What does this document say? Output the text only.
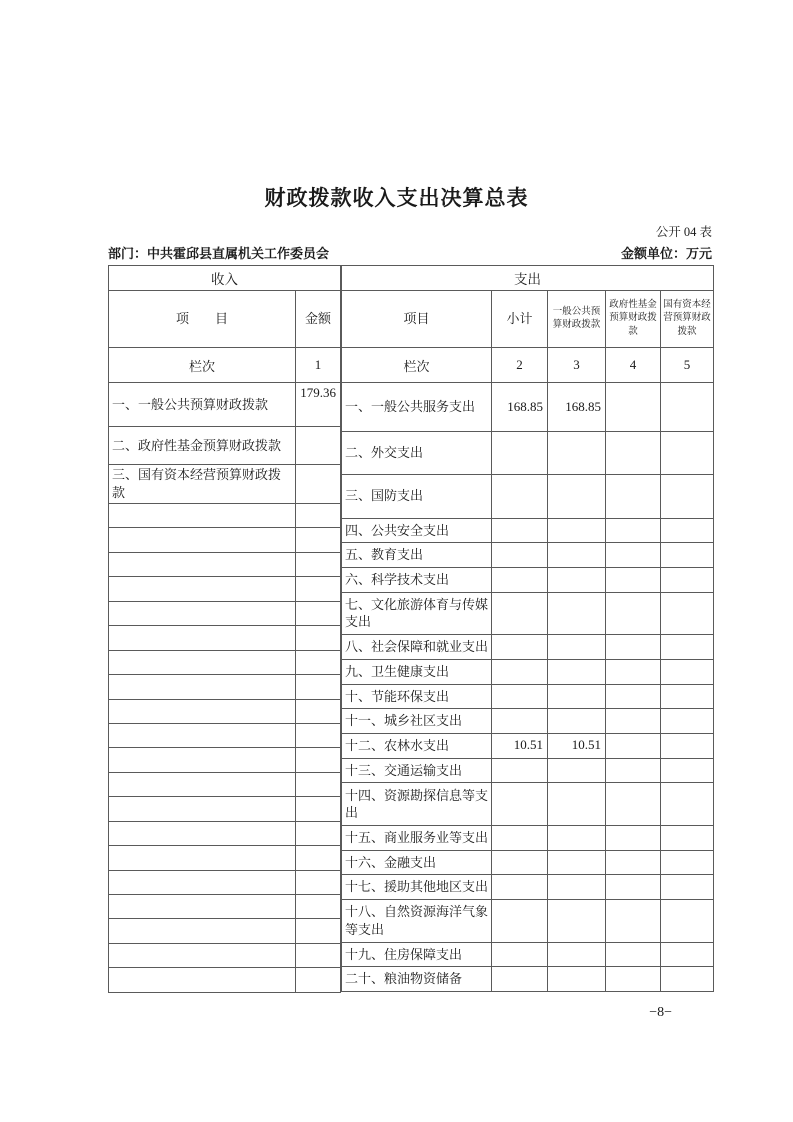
财政拨款收入支出决算总表
公开 04 表
部门：中共霍邱县直属机关工作委员会	金额单位：万元
收入	
项　　目	金额
栏次	1
一、一般公共预算财政拨款	179.36
二、政府性基金预算财政拨款	
三、国有资本经营预算财政拨款	

支出				
项目	小计	一般公共预算财政拨款	政府性基金预算财政拨款	国有资本经营预算财政拨款
栏次	2	3	4	5
一、一般公共服务支出	168.85	168.85		
二、外交支出				
三、国防支出				
四、公共安全支出				
五、教育支出				
六、科学技术支出				
七、文化旅游体育与传媒支出				
八、社会保障和就业支出				
九、卫生健康支出				
十、节能环保支出				
十一、城乡社区支出				
十二、农林水支出	10.51	10.51		
十三、交通运输支出				
十四、资源勘探信息等支出				
十五、商业服务业等支出				
十六、金融支出				
十七、援助其他地区支出				
十八、自然资源海洋气象等支出				
十九、住房保障支出				
二十、粮油物资储备				
−8−
